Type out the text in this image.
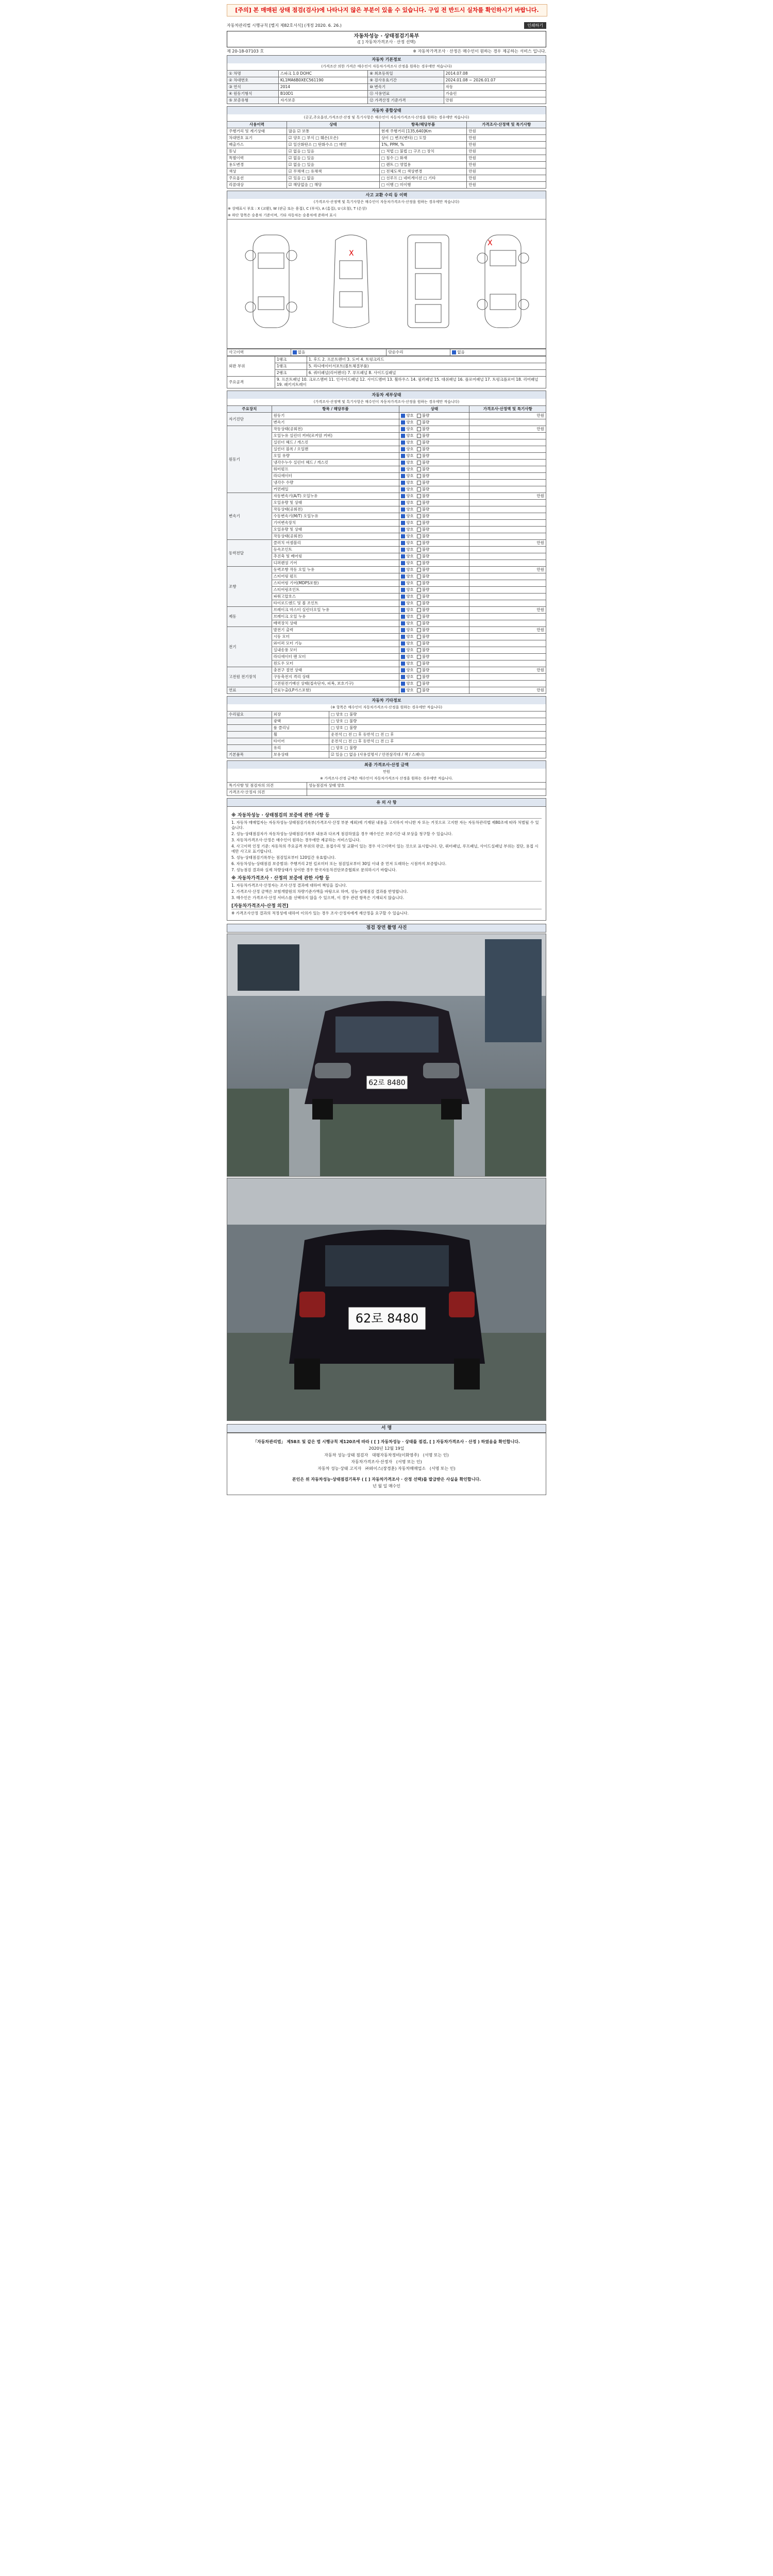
[주의] 본 매매된 상태 점검(검사)에 나타나지 않은 부분이 있을 수 있습니다. 구입 전 반드시 실차를 확인하시기 바랍니다.
자동차관리법 시행규칙 [별지 제82호서식] (개정 2020. 6. 26.)	인쇄하기
자동차성능 · 상태점검기록부
([ ] 자동차가격조사 · 산정 선택)
제 20-18-07103 호	※ 자동차가격조사 · 산정은 매수인이 원하는 경우 제공하는 서비스 입니다.
자동차 기본정보
(가격조산 의한 가격은 매수인이 자동차가격조사 산정을 원하는 경우에만 적습니다)
① 차명	스파크 1.0 DOHC	⑧ 최초등록일	2014.07.08
② 차대번호	KL1MA6B0XEC561190	⑨ 검사유효기간	2024.01.08 ~ 2026.01.07
③ 연식	2014	⑩ 변속기	자동
④ 원동기형식	B10D1	⑪ 사용연료	가솔린
⑤ 보증유형	자가보증	⑫ 가격산정 기준가격	만원
자동차 종합상태
(곳곳,주요옵션,가격조산·산정 및 특기사항은 매수인이 자동차가격조사·산정을 원하는 경우에만 적습니다)
사용이력	상태	항목/해당부품	가격조사·산정액 및 특기사항
주행거리 및 계기상태	많음 ☑ 보통	현재 주행거리 [135,640]Km	만원
차대번호 표기	☑ 양호 □ 부식 □ 훼손(오손)	상이 □ 변조(변타) □ 도말	만원
배출가스	☑ 일산화탄소 □ 탄화수소 □ 매연	1%, PPM, %	만원
튜닝	☑ 없음 □ 있음	□ 적법 □ 불법 □ 구조 □ 장치	만원
특별이력	☑ 없음 □ 있음	□ 침수 □ 화재	만원
용도변경	☑ 없음 □ 있음	□ 렌트 □ 영업용	만원
색상	☑ 무채색 □ 유채색	□ 전체도색 □ 색상변경	만원
주요옵션	☑ 있음 □ 없음	□ 선루프 □ 네비게이션 □ 기타	만원
리콜대상	☑ 해당없음 □ 해당	□ 이행 □ 미이행	만원
사고 교환 수리 등 이력
(가격조사·산정액 및 특기사항은 매수인이 자동차가격조사·산정을 원하는 경우에만 적습니다)
※ 상태표시 부호 : X (교환), W (판금 또는 용접), C (부식), A (흠집), U (요철), T (손상)
※ 하단 항목은 승용차 기준이며, 기타 자동차는 승용차에 준하여 표시
X
X
사고이력	없음	단순수리	없음
외판 부위	1랭크	1. 후드 2. 프론트펜더 3. 도어 4. 트렁크리드
	1랭크	5. 라디에이터서포트(볼트체결부품)
	2랭크	6. 쿼터패널(리어펜더) 7. 루프패널 8. 사이드실패널
주요골격	9. 프론트패널 10. 크로스멤버 11. 인사이드패널 12. 사이드멤버 13. 휠하우스 14. 필러패널 15. 대쉬패널 16. 플로어패널 17. 트렁크플로어 18. 리어패널 19. 패키지트레이	
자동차 세부상태
(가격조사·산정액 및 특기사항은 매수인이 자동차가격조사·산정을 원하는 경우에만 적습니다)
주요장치	항목 / 해당부품	상태	가격조사·산정액 및 특기사항
자기진단	원동기	양호 불량	만원
	변속기	양호 불량	
원동기	작동상태(공회전)	양호 불량	만원
	오일누유 실린더 커버(로커암 커버)	양호 불량	
	실린더 헤드 / 개스킷	양호 불량	
	실린더 블록 / 오일팬	양호 불량	
	오일 유량	양호 불량	
	냉각수누수 실린더 헤드 / 개스킷	양호 불량	
	워터펌프	양호 불량	
	라디에이터	양호 불량	
	냉각수 수량	양호 불량	
	커먼레일	양호 불량	
변속기	자동변속기(A/T) 오일누유	양호 불량	만원
	오일유량 및 상태	양호 불량	
	작동상태(공회전)	양호 불량	
	수동변속기(M/T) 오일누유	양호 불량	
	기어변속장치	양호 불량	
	오일유량 및 상태	양호 불량	
	작동상태(공회전)	양호 불량	
동력전달	클러치 어셈블리	양호 불량	만원
	등속조인트	양호 불량	
	추진축 및 베어링	양호 불량	
	디퍼렌셜 기어	양호 불량	
조향	동력조향 작동 오일 누유	양호 불량	만원
	스티어링 펌프	양호 불량	
	스티어링 기어(MDPS포함)	양호 불량	
	스티어링조인트	양호 불량	
	파워고압호스	양호 불량	
	타이로드엔드 및 볼 조인트	양호 불량	
제동	브레이크 마스터 실린더오일 누유	양호 불량	만원
	브레이크 오일 누유	양호 불량	
	배력장치 상태	양호 불량	
전기	발전기 출력	양호 불량	만원
	시동 모터	양호 불량	
	와이퍼 모터 기능	양호 불량	
	실내송풍 모터	양호 불량	
	라디에이터 팬 모터	양호 불량	
	윈도우 모터	양호 불량	
고전원 전기장치	충전구 절연 상태	양호 불량	만원
	구동축전지 격리 상태	양호 불량	
	고전원전기배선 상태(접속단자, 피복, 보호기구)	양호 불량	
연료	연료누출(LP가스포함)	양호 불량	만원
자동차 기타정보
(※ 항목은 매수인이 자동차가격조사·산정을 원하는 경우에만 적습니다)
수리필요	외장	□ 양호 □ 불량
	광택	□ 양호 □ 불량
	룸 클리닝	□ 양호 □ 불량
	휠	운전석 □ 전 □ 후 동반석 □ 전 □ 후
	타이어	운전석 □ 전 □ 후 동반석 □ 전 □ 후
	유리	□ 양호 □ 불량
기본품목	보유상태	☑ 있음 □ 없음 (사용설명서 / 안전삼각대 / 잭 / 스패너)
최종 가격조사·산정 금액
만원
※ 가격조사·산정 금액은 매수인이 자동차가격조사 산정을 원하는 경우에만 적습니다.
특기사항 및 점검자의 의견	성능점검자 상태 양호
가격조사·산정자 의견	
유 의 사 항
※ 자동차성능 · 상태점검의 보증에 관한 사항 등

1. 자동차 매매업자는 자동차성능·상태점검기록부(가격조사·산정 부분 제외)에 기재된 내용을 고지하지 아니한 자 또는 거짓으로 고지한 자는 자동차관리법 제80조에 따라 처벌될 수 있습니다.

2. 성능·상태점검자가 자동차성능·상태점검기록부 내용과 다르게 점검하였을 경우 매수인은 보증기간 내 보상을 청구할 수 있습니다.

3. 자동차가격조사·산정은 매수인이 원하는 경우에만 제공하는 서비스입니다.

4. 사고이력 인정 기준: 자동차의 주요골격 부위의 판금, 용접수리 및 교환이 있는 경우 사고이력이 있는 것으로 표시합니다. 단, 쿼터패널, 루프패널, 사이드실패널 부위는 절단, 용접 시에만 사고로 표기합니다.

5. 성능·상태점검기록부는 점검일로부터 120일간 유효합니다.

6. 자동차성능·상태점검 보증범위: 주행거리 2천 킬로미터 또는 점검일로부터 30일 이내 중 먼저 도래하는 시점까지 보증합니다.

7. 성능점검 결과와 실제 차량상태가 상이한 경우 한국자동차진단보증협회로 문의하시기 바랍니다.

※ 자동차가격조사 · 산정의 보증에 관한 사항 등

1. 자동차가격조사·산정자는 조사·산정 결과에 대하여 책임을 집니다.

2. 가격조사·산정 금액은 보험개발원의 차량기준가액을 바탕으로 하며, 성능·상태점검 결과를 반영합니다.

3. 매수인은 가격조사·산정 서비스를 선택하지 않을 수 있으며, 이 경우 관련 항목은 기재되지 않습니다.

[자동차가격조사·산정 의견]

※ 가격조사산정 결과의 적정성에 대하여 이의가 있는 경우 조사·산정자에게 재산정을 요구할 수 있습니다.

점검 장면 촬영 사진
62로 8480
62로 8480
서 명
「자동차관리법」 제58조 및 같은 법 시행규칙 제120조에 따라 ( [ ] 자동차성능 · 상태를 점검, [ ] 자동차가격조사 · 산정 ) 하였음을 확인합니다.
2020년 12월 19일
자동차 성능·상태 점검자 대평자동차정비(이화영주) (서명 또는 인)
자동차가격조사·산정자 (서명 또는 인)
자동차 성능·상태 고지자 ㈜와이스(장경훈) 자동차매매업소 (서명 또는 인)
본인은 위 자동차성능·상태점검기록부 ( [ ] 자동차가격조사 · 산정 선택)를 발급받은 사실을 확인합니다.
년 월 일 매수인
